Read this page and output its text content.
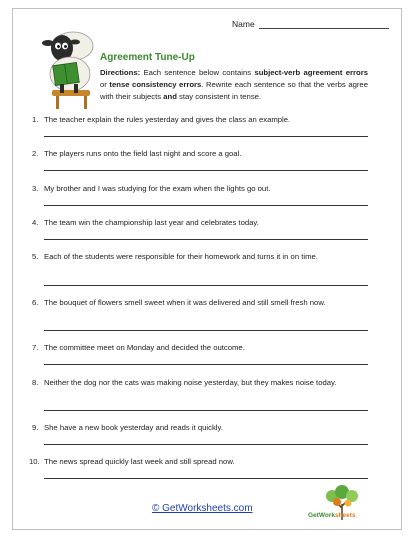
Name
Agreement Tune-Up
Directions: Each sentence below contains subject-verb agreement errors or tense consistency errors. Rewrite each sentence so that the verbs agree with their subjects and stay consistent in tense.
1. The teacher explain the rules yesterday and gives the class an example.
2. The players runs onto the field last night and score a goal.
3. My brother and I was studying for the exam when the lights go out.
4. The team win the championship last year and celebrates today.
5. Each of the students were responsible for their homework and turns it in on time.
6. The bouquet of flowers smell sweet when it was delivered and still smell fresh now.
7. The committee meet on Monday and decided the outcome.
8. Neither the dog nor the cats was making noise yesterday, but they makes noise today.
9. She have a new book yesterday and reads it quickly.
10. The news spread quickly last week and still spread now.
© GetWorksheets.com
GetWorksheets
